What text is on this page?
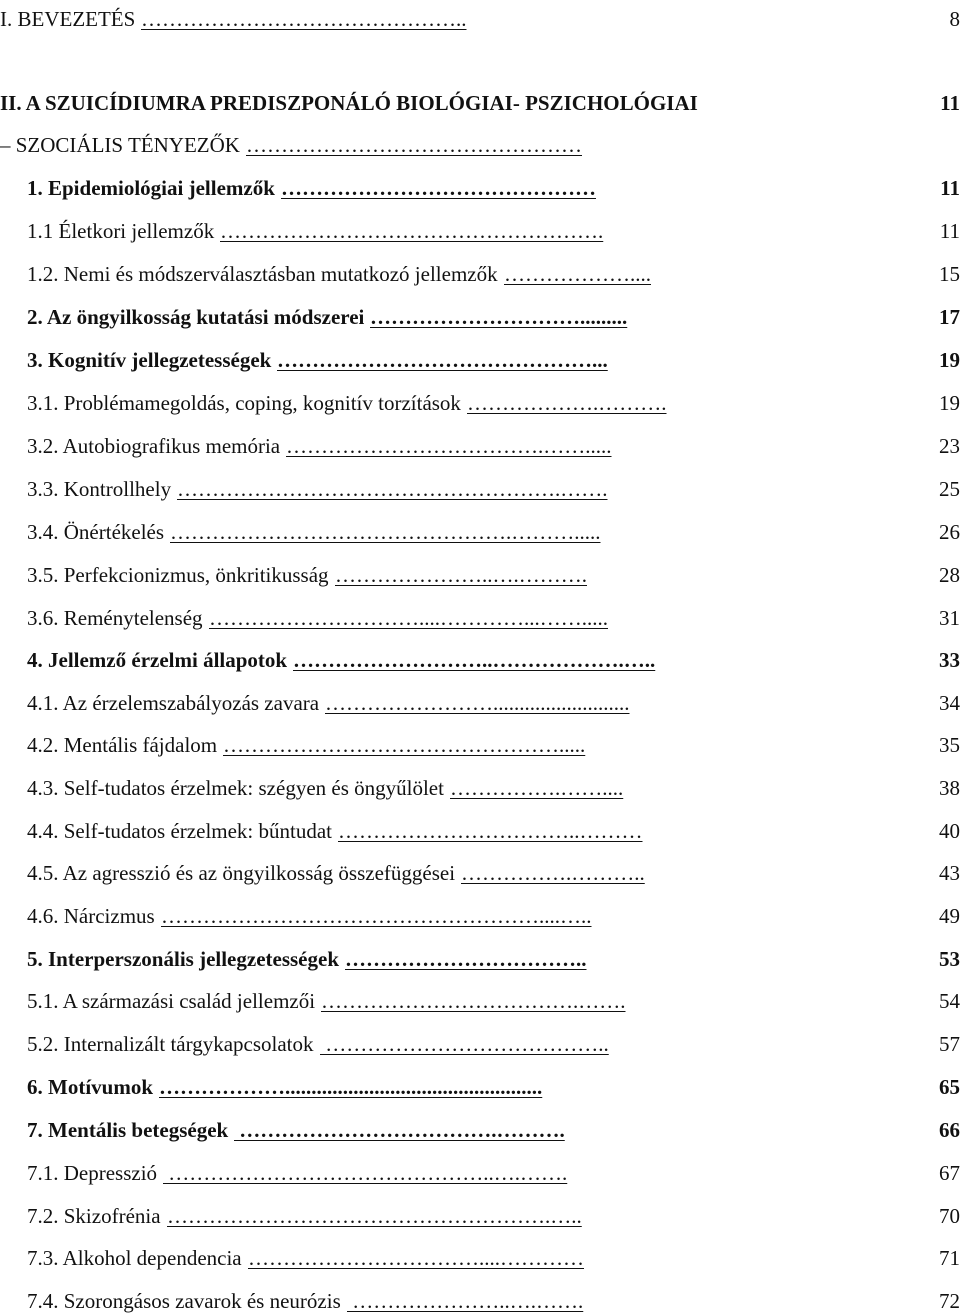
I. BEVEZETÉS ………………………………………..	8
II. A SZUICÍDIUMRA PREDISZPONÁLÓ BIOLÓGIAI- PSZICHOLÓGIAI	11
– SZOCIÁLIS TÉNYEZŐK …………………………………………
1. Epidemiológiai jellemzők ………………………………………	11
1.1 Életkori jellemzők ……………………………………………….	11
1.2. Nemi és módszerválasztásban mutatkozó jellemzők ………………....	15
2. Az öngyilkosság kutatási módszerei ………………………….........	17
3. Kognitív jellegzetességek ………………………………………...	19
3.1. Problémamegoldás, coping, kognitív torzítások ……………….……….	19
3.2. Autobiografikus memória ……………………………….…….....	23
3.3. Kontrollhely ……………………………………………….…….	25
3.4. Önértékelés ………………………………………….……….....	26
3.5. Perfekcionizmus, önkritikusság …………………..….……….	28
3.6. Reménytelenség …………………………....…………...…….....	31
4. Jellemző érzelmi állapotok ………………………..……………….…..	33
4.1. Az érzelemszabályozás zavara ……………………..........................	34
4.2. Mentális fájdalom ………………………………………….....	35
4.3. Self-tudatos érzelmek: szégyen és öngyűlölet …………….……....	38
4.4. Self-tudatos érzelmek: bűntudat ……………………………..………	40
4.5. Az agresszió és az öngyilkosság összefüggései …………….………..	43
4.6. Nárcizmus ………………………………………………....…..	49
5. Interperszonális jellegzetességek ……………………………..	53
5.1. A származási család jellemzői ……………………………….…….	54
5.2. Internalizált tárgykapcsolatok …………………………………..	57
6. Motívumok ……………….................................................	65
7. Mentális betegségek ……………………………….……….	66
7.1. Depresszió ………………………………………..….…….	67
7.2. Skizofrénia ……………………………………………….…..	70
7.3. Alkohol dependencia ……………………………....…………	71
7.4. Szorongásos zavarok és neurózis …………………..….…….	72
